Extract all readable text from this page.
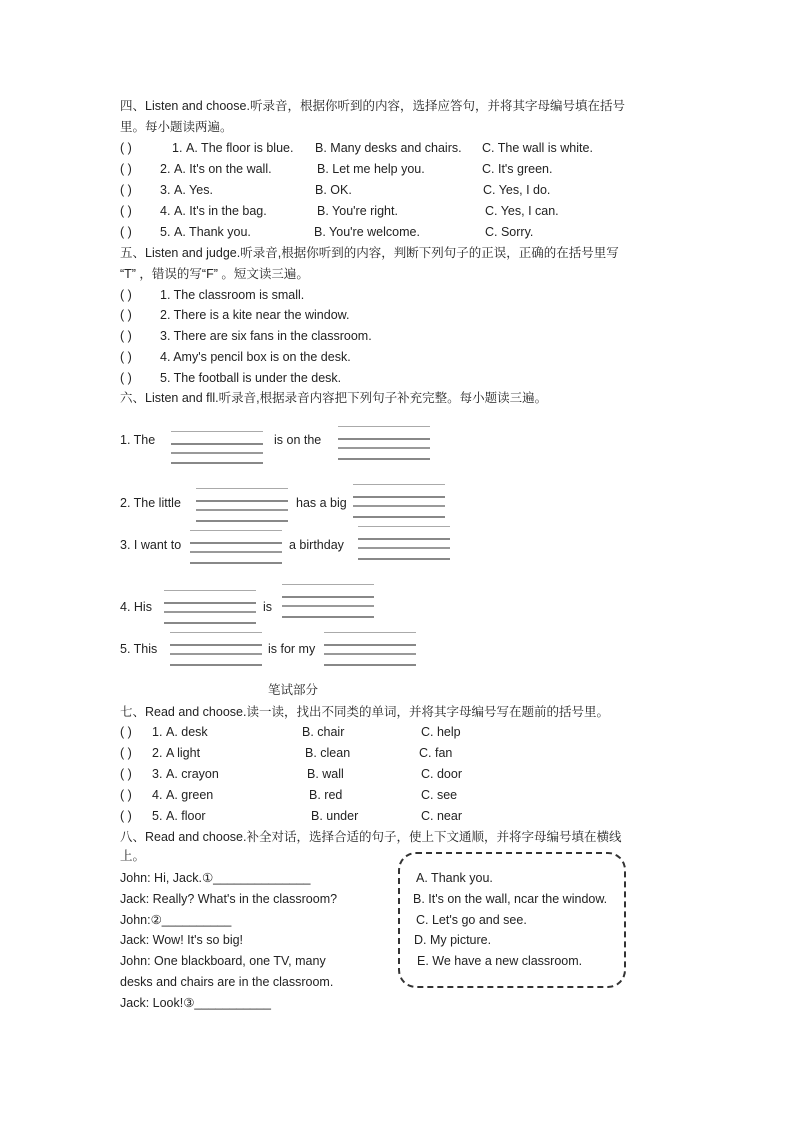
四、Listen and choose.听录音，根据你听到的内容，选择应答句，并将其字母编号填在括号
里。每小题读两遍。
( )	1. A. The floor is blue. B. Many desks and chairs. C. The wall is white.
( ) 2. A. It's on the wall.	B. Let me help you.	C. It's green.
( ) 3. A. Yes.	B. OK.	C. Yes, I do.
( ) 4. A. It's in the bag.	B. You're right.	C. Yes, I can.
( ) 5. A. Thank you.	B. You're welcome.	C. Sorry.
五、Listen and judge.听录音,根据你听到的内容，判断下列句子的正误，正确的在括号里写
“T” ，错误的写“F” 。短文读三遍。
( ) 1. The classroom is small.
( ) 2. There is a kite near the window.
( ) 3. There are six fans in the classroom.
( ) 4. Amy's pencil box is on the desk.
( ) 5. The football is under the desk.
六、Listen and fll.听录音,根据录音内容把下列句子补充完整。每小题读三遍。
1. The	is on the
2. The little	has a big
3. I want to	a birthday
4. His	is
5. This	is for my
笔试部分
七、Read and choose.读一读，找出不同类的单词，并将其字母编号写在题前的括号里。
( ) 1. A. desk	B. chair	C. help
( ) 2. A light	B. clean	C. fan
( ) 3. A. crayon	B. wall	C. door
( ) 4. A. green	B. red	C. see
( ) 5. A. floor	B. under	C. near
八、Read and choose.补全对话，选择合适的句子，使上下文通顺，并将字母编号填在横线
上。
John: Hi, Jack.①______________
Jack: Really? What's in the classroom?
John:②__________
Jack: Wow! It's so big!
John: One blackboard, one TV, many
desks and chairs are in the classroom.
Jack: Look!③___________
A. Thank you.
B. It's on the wall, ncar the window.
C. Let's go and see.
D. My picture.
E. We have a new classroom.
